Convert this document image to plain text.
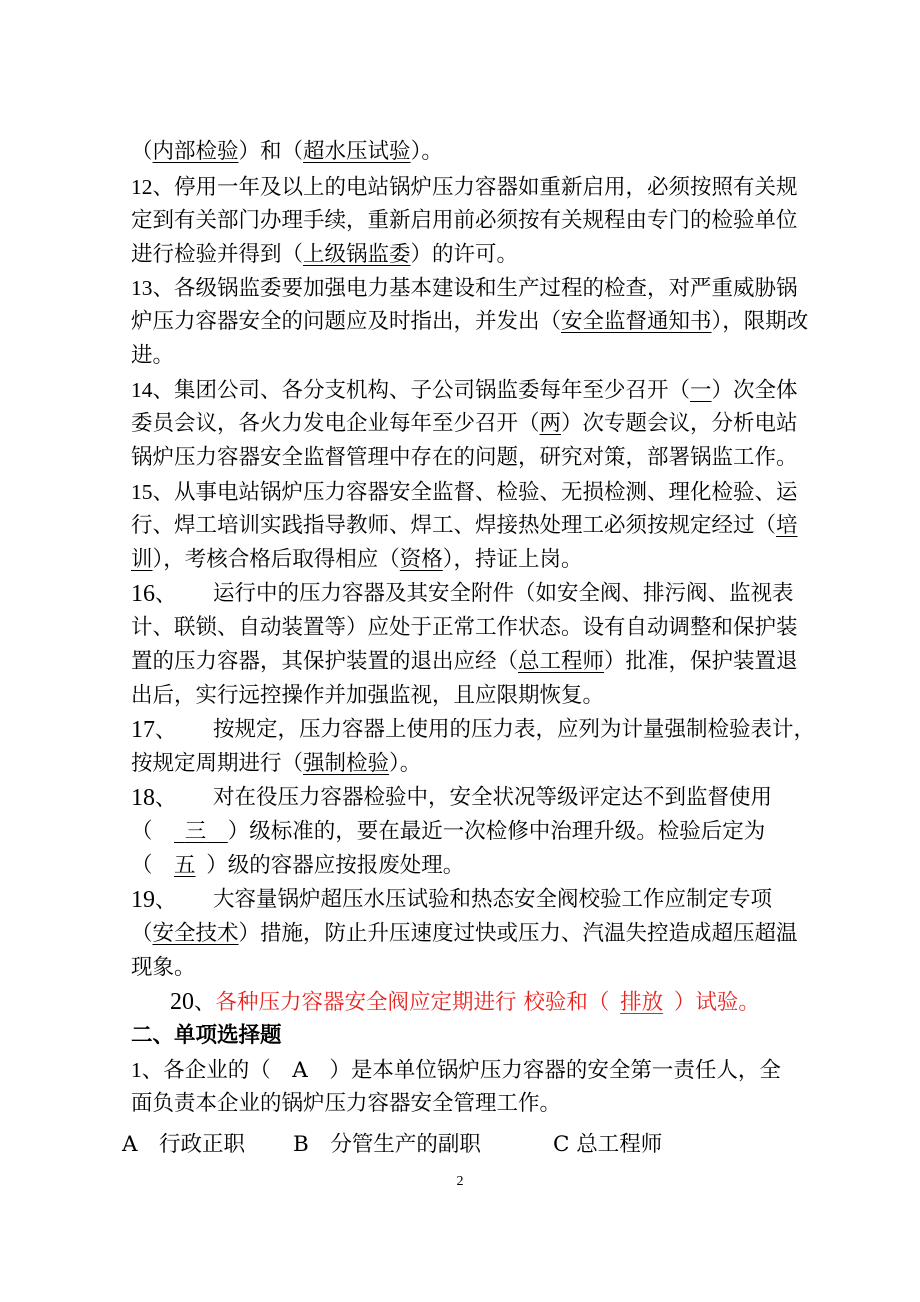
（内部检验）和（超水压试验）。
12、停用一年及以上的电站锅炉压力容器如重新启用，必须按照有关规
定到有关部门办理手续，重新启用前必须按有关规程由专门的检验单位
进行检验并得到（上级锅监委）的许可。
13、各级锅监委要加强电力基本建设和生产过程的检查，对严重威胁锅
炉压力容器安全的问题应及时指出，并发出（安全监督通知书），限期改
进。
14、集团公司、各分支机构、子公司锅监委每年至少召开（一）次全体
委员会议，各火力发电企业每年至少召开（两）次专题会议，分析电站
锅炉压力容器安全监督管理中存在的问题，研究对策，部署锅监工作。
15、从事电站锅炉压力容器安全监督、检验、无损检测、理化检验、运
行、焊工培训实践指导教师、焊工、焊接热处理工必须按规定经过（培
训），考核合格后取得相应（资格），持证上岗。
16、	运行中的压力容器及其安全附件（如安全阀、排污阀、监视表
计、联锁、自动装置等）应处于正常工作状态。设有自动调整和保护装
置的压力容器，其保护装置的退出应经（总工程师）批准，保护装置退
出后，实行远控操作并加强监视，且应限期恢复。
17、	按规定，压力容器上使用的压力表，应列为计量强制检验表计，
按规定周期进行（强制检验）。
18、	对在役压力容器检验中，安全状况等级评定达不到监督使用
（  三  ）级标准的，要在最近一次检修中治理升级。检验后定为
（ 五  ）级的容器应按报废处理。
19、	大容量锅炉超压水压试验和热态安全阀校验工作应制定专项
（安全技术）措施，防止升压速度过快或压力、汽温失控造成超压超温
现象。
20、各种压力容器安全阀应定期进行 校验和（  排放  ）试验。
二、单项选择题
1、各企业的（  A  ）是本单位锅炉压力容器的安全第一责任人，全
面负责本企业的锅炉压力容器安全管理工作。
A  行政正职	B  分管生产的副职	C 总工程师
2
